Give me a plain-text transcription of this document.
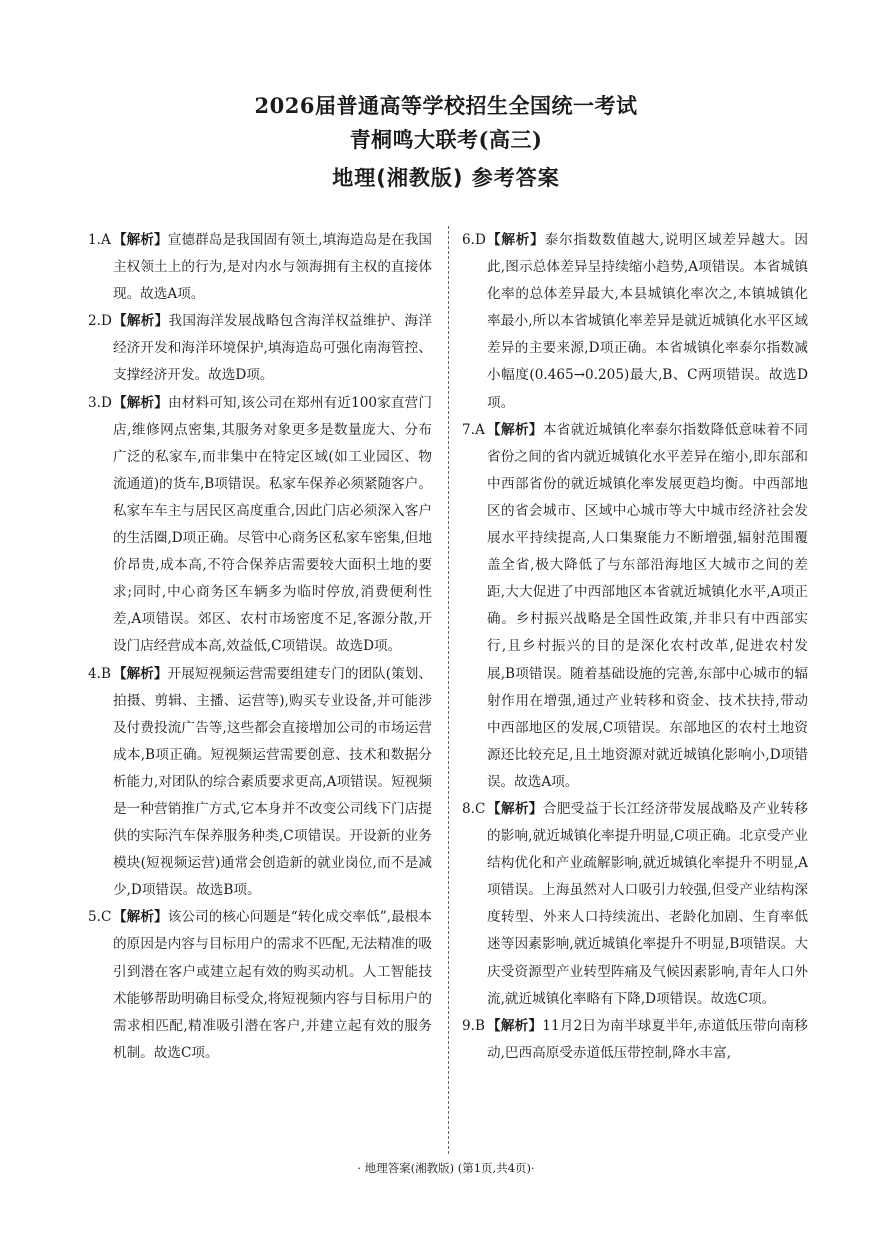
2026届普通高等学校招生全国统一考试
青桐鸣大联考(高三)
地理(湘教版) 参考答案
1.A 【解析】宣德群岛是我国固有领土,填海造岛是在我国主权领土上的行为,是对内水与领海拥有主权的直接体现。故选A项。
2.D 【解析】我国海洋发展战略包含海洋权益维护、海洋经济开发和海洋环境保护,填海造岛可强化南海管控、支撑经济开发。故选D项。
3.D 【解析】由材料可知,该公司在郑州有近100家直营门店,维修网点密集,其服务对象更多是数量庞大、分布广泛的私家车,而非集中在特定区域(如工业园区、物流通道)的货车,B项错误。私家车保养必须紧随客户。私家车车主与居民区高度重合,因此门店必须深入客户的生活圈,D项正确。尽管中心商务区私家车密集,但地价昂贵,成本高,不符合保养店需要较大面积土地的要求;同时,中心商务区车辆多为临时停放,消费便利性差,A项错误。郊区、农村市场密度不足,客源分散,开设门店经营成本高,效益低,C项错误。故选D项。
4.B 【解析】开展短视频运营需要组建专门的团队(策划、拍摄、剪辑、主播、运营等),购买专业设备,并可能涉及付费投流广告等,这些都会直接增加公司的市场运营成本,B项正确。短视频运营需要创意、技术和数据分析能力,对团队的综合素质要求更高,A项错误。短视频是一种营销推广方式,它本身并不改变公司线下门店提供的实际汽车保养服务种类,C项错误。开设新的业务模块(短视频运营)通常会创造新的就业岗位,而不是减少,D项错误。故选B项。
5.C 【解析】该公司的核心问题是“转化成交率低”,最根本的原因是内容与目标用户的需求不匹配,无法精准的吸引到潜在客户或建立起有效的购买动机。人工智能技术能够帮助明确目标受众,将短视频内容与目标用户的需求相匹配,精准吸引潜在客户,并建立起有效的服务机制。故选C项。
6.D 【解析】泰尔指数数值越大,说明区域差异越大。因此,图示总体差异呈持续缩小趋势,A项错误。本省城镇化率的总体差异最大,本县城镇化率次之,本镇城镇化率最小,所以本省城镇化率差异是就近城镇化水平区域差异的主要来源,D项正确。本省城镇化率泰尔指数减小幅度(0.465→0.205)最大,B、C两项错误。故选D项。
7.A 【解析】本省就近城镇化率泰尔指数降低意味着不同省份之间的省内就近城镇化水平差异在缩小,即东部和中西部省份的就近城镇化率发展更趋均衡。中西部地区的省会城市、区域中心城市等大中城市经济社会发展水平持续提高,人口集聚能力不断增强,辐射范围覆盖全省,极大降低了与东部沿海地区大城市之间的差距,大大促进了中西部地区本省就近城镇化水平,A项正确。乡村振兴战略是全国性政策,并非只有中西部实行,且乡村振兴的目的是深化农村改革,促进农村发展,B项错误。随着基础设施的完善,东部中心城市的辐射作用在增强,通过产业转移和资金、技术扶持,带动中西部地区的发展,C项错误。东部地区的农村土地资源还比较充足,且土地资源对就近城镇化影响小,D项错误。故选A项。
8.C 【解析】合肥受益于长江经济带发展战略及产业转移的影响,就近城镇化率提升明显,C项正确。北京受产业结构优化和产业疏解影响,就近城镇化率提升不明显,A项错误。上海虽然对人口吸引力较强,但受产业结构深度转型、外来人口持续流出、老龄化加剧、生育率低迷等因素影响,就近城镇化率提升不明显,B项错误。大庆受资源型产业转型阵痛及气候因素影响,青年人口外流,就近城镇化率略有下降,D项错误。故选C项。
9.B 【解析】11月2日为南半球夏半年,赤道低压带向南移动,巴西高原受赤道低压带控制,降水丰富,
· 地理答案(湘教版) (第1页,共4页)·
